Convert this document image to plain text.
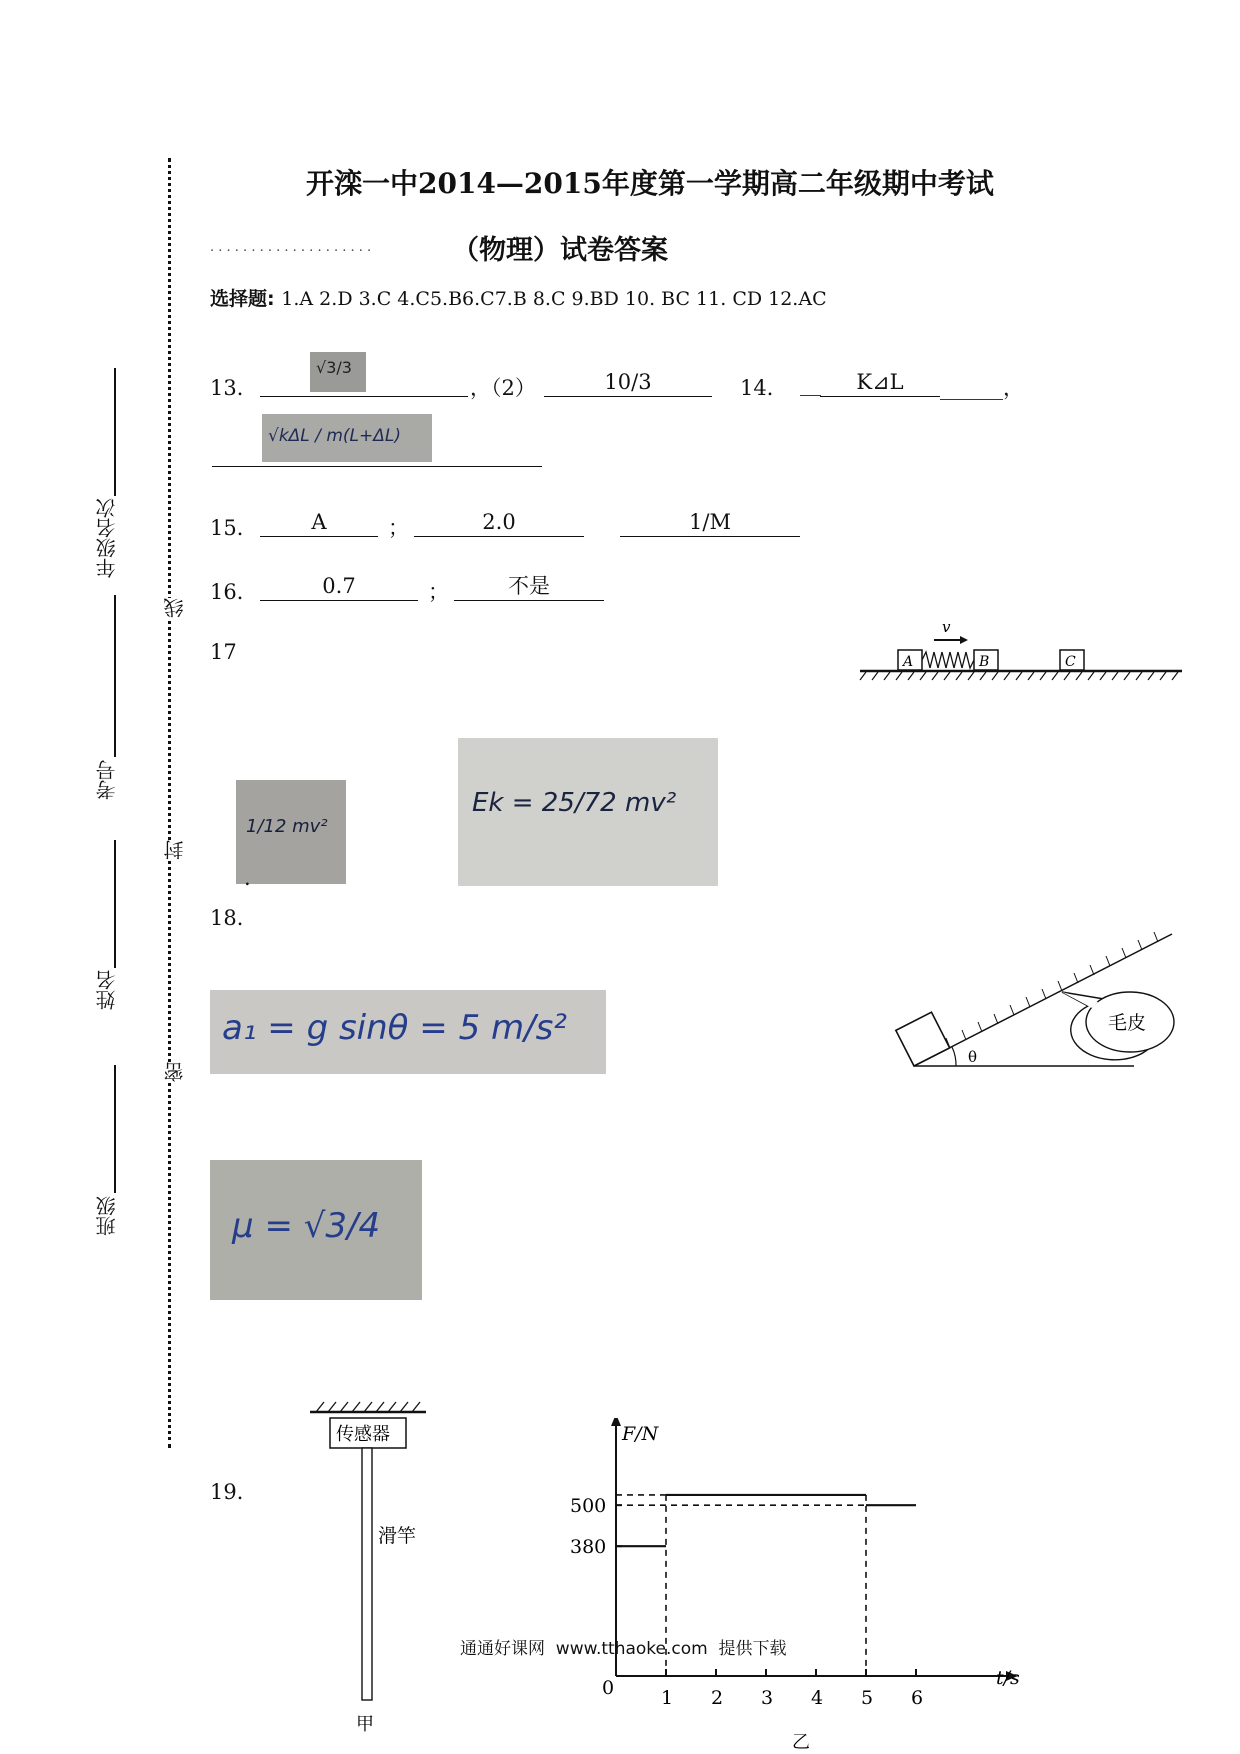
年级名次
考号
姓名
班级
线
封
密
开滦一中2014—2015年度第一学期高二年级期中考试
. . . . . . . . . . . . . . . . . . . .	（物理）试卷答案
选择题: 1.A 2.D 3.C 4.C5.B6.C7.B 8.C 9.BD 10. BC 11. CD 12.AC
13．
√3/3
，（2）	10/3	14． __	K⊿L	______，
√kΔL / m(L+ΔL)
15．	A	；	2.0	1/M
16．	0.7	；	不是
17	A	B	C
v
1/12 mv²
Ek = 25/72 mv²
.
18．
θ
毛皮
a₁ = g sinθ = 5 m/s²
μ = √3/4
19．
传感器
滑竿
甲
1 2 3 4 5 6
500
380
F/N
t/s
0
乙
通通好课网  www.tthaoke.com  提供下载
